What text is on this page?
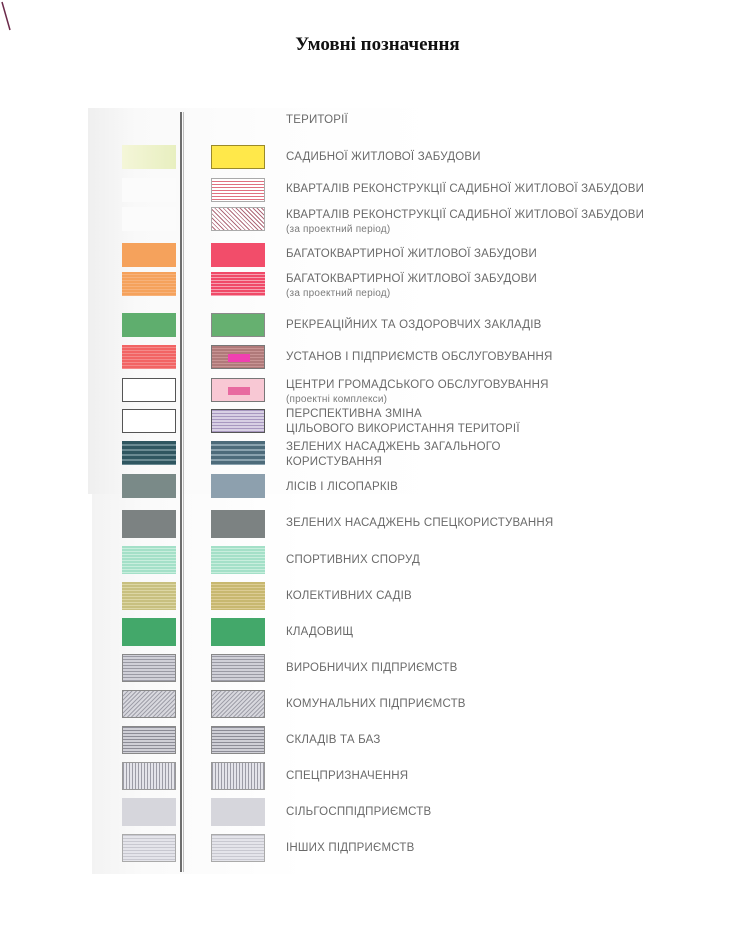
Умовні позначення
ТЕРИТОРІЇ
САДИБНОЇ ЖИТЛОВОЇ ЗАБУДОВИ
КВАРТАЛІВ РЕКОНСТРУКЦІЇ САДИБНОЇ ЖИТЛОВОЇ ЗАБУДОВИ
КВАРТАЛІВ РЕКОНСТРУКЦІЇ САДИБНОЇ ЖИТЛОВОЇ ЗАБУДОВИ
(за проектний період)
БАГАТОКВАРТИРНОЇ ЖИТЛОВОЇ ЗАБУДОВИ
БАГАТОКВАРТИРНОЇ ЖИТЛОВОЇ ЗАБУДОВИ
(за проектний період)
РЕКРЕАЦІЙНИХ ТА ОЗДОРОВЧИХ ЗАКЛАДІВ
УСТАНОВ І ПІДПРИЄМСТВ ОБСЛУГОВУВАННЯ
ЦЕНТРИ ГРОМАДСЬКОГО ОБСЛУГОВУВАННЯ
(проектні комплекси)
ПЕРСПЕКТИВНА ЗМІНА
ЦІЛЬОВОГО ВИКОРИСТАННЯ ТЕРИТОРІЇ
ЗЕЛЕНИХ НАСАДЖЕНЬ ЗАГАЛЬНОГО
КОРИСТУВАННЯ
ЛІСІВ І ЛІСОПАРКІВ
ЗЕЛЕНИХ НАСАДЖЕНЬ СПЕЦКОРИСТУВАННЯ
СПОРТИВНИХ СПОРУД
КОЛЕКТИВНИХ САДІВ
КЛАДОВИЩ
ВИРОБНИЧИХ ПІДПРИЄМСТВ
КОМУНАЛЬНИХ ПІДПРИЄМСТВ
СКЛАДІВ ТА БАЗ
СПЕЦПРИЗНАЧЕННЯ
СІЛЬГОСППІДПРИЄМСТВ
ІНШИХ ПІДПРИЄМСТВ
